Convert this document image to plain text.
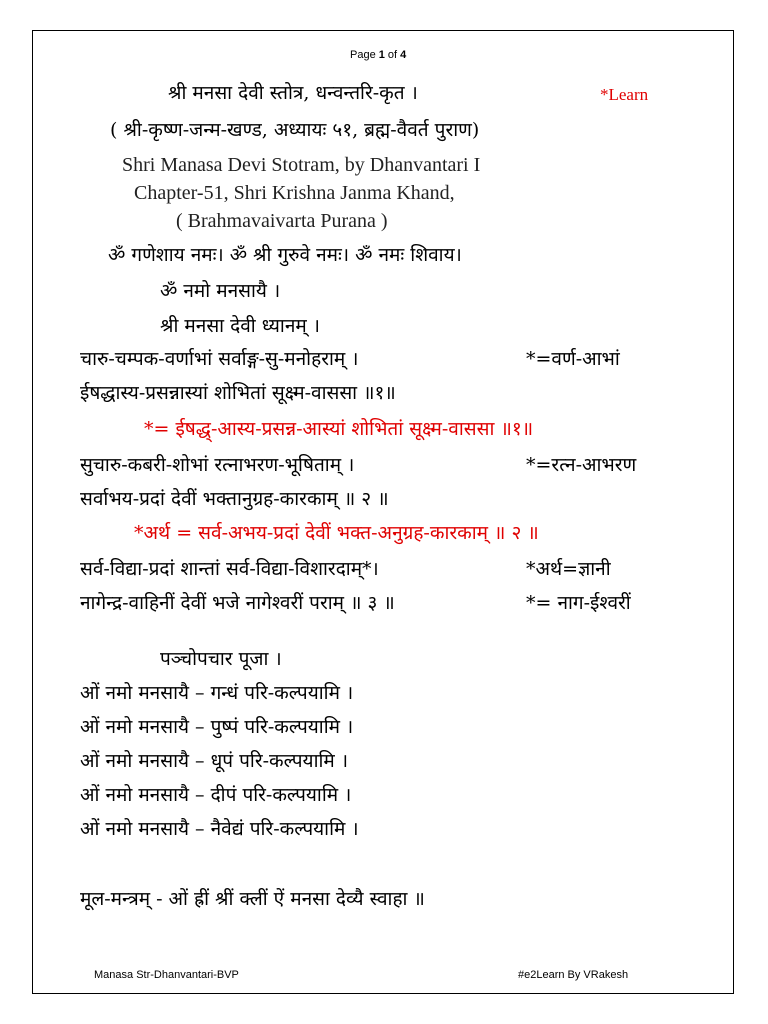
Page 1 of 4
श्री मनसा देवी स्तोत्र, धन्वन्तरि-कृत ।	*Learn
( श्री-कृष्ण-जन्म-खण्ड, अध्यायः ५१, ब्रह्म-वैवर्त पुराण)
Shri Manasa Devi Stotram, by Dhanvantari I
Chapter-51, Shri Krishna Janma Khand,
( Brahmavaivarta Purana )
ॐ गणेशाय नमः। ॐ श्री गुरुवे नमः। ॐ नमः शिवाय।
ॐ नमो मनसायै ।
श्री मनसा देवी ध्यानम् ।
चारु-चम्पक-वर्णाभां सर्वाङ्ग-सु-मनोहराम् ।	*=वर्ण-आभां
ईषद्धास्य-प्रसन्नास्यां शोभितां सूक्ष्म-वाससा ॥१॥
*= ईषद्ध्-आस्य-प्रसन्न-आस्यां शोभितां सूक्ष्म-वाससा ॥१॥
सुचारु-कबरी-शोभां रत्नाभरण-भूषिताम् ।	*=रत्न-आभरण
सर्वाभय-प्रदां देवीं भक्तानुग्रह-कारकाम् ॥ २ ॥
*अर्थ = सर्व-अभय-प्रदां देवीं भक्त-अनुग्रह-कारकाम् ॥ २ ॥
सर्व-विद्या-प्रदां शान्तां सर्व-विद्या-विशारदाम्*।	*अर्थ=ज्ञानी
नागेन्द्र-वाहिनीं देवीं भजे नागेश्वरीं पराम् ॥ ३ ॥	*= नाग-ईश्वरीं
पञ्चोपचार पूजा ।
ओं नमो मनसायै – गन्धं परि-कल्पयामि ।
ओं नमो मनसायै – पुष्पं परि-कल्पयामि ।
ओं नमो मनसायै – धूपं परि-कल्पयामि ।
ओं नमो मनसायै – दीपं परि-कल्पयामि ।
ओं नमो मनसायै – नैवेद्यं परि-कल्पयामि ।
मूल-मन्त्रम् - ओं ह्रीं श्रीं क्लीं ऐं मनसा देव्यै स्वाहा ॥
Manasa Str-Dhanvantari-BVP	#e2Learn By VRakesh
